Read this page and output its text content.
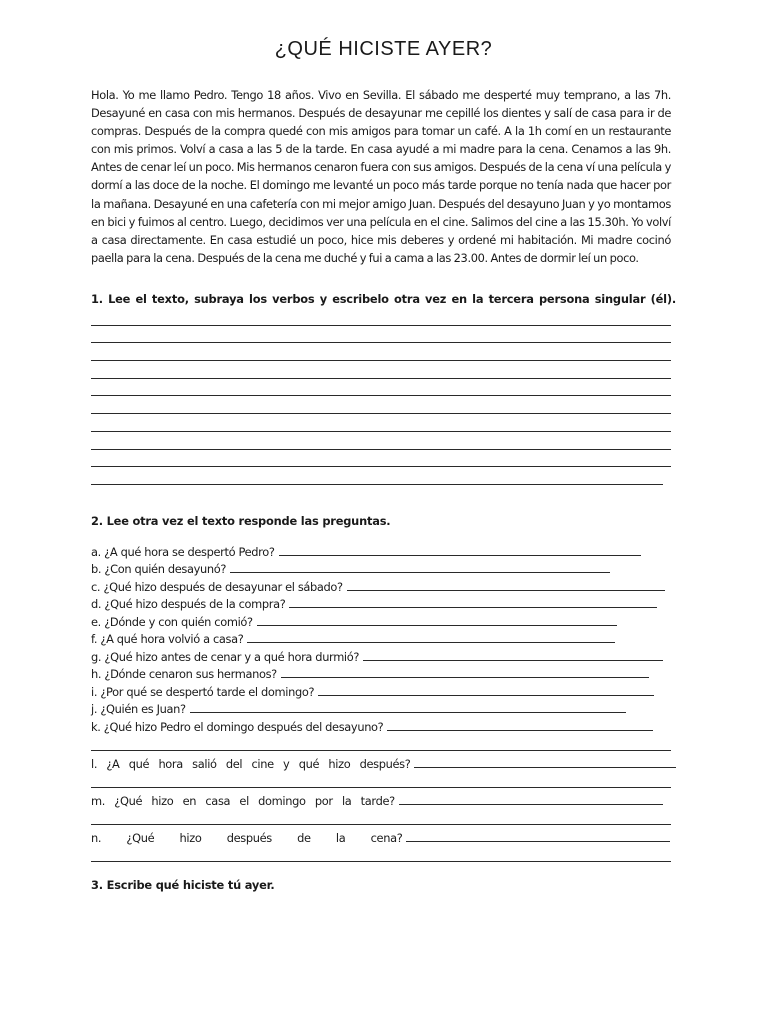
¿QUÉ HICISTE AYER?
Hola. Yo me llamo Pedro. Tengo 18 años. Vivo en Sevilla. El sábado me desperté muy temprano, a las 7h. Desayuné en casa con mis hermanos. Después de desayunar me cepillé los dientes y salí de casa para ir de compras. Después de la compra quedé con mis amigos para tomar un café. A la 1h comí en un restaurante con mis primos. Volví a casa a las 5 de la tarde. En casa ayudé a mi madre para la cena. Cenamos a las 9h. Antes de cenar leí un poco. Mis hermanos cenaron fuera con sus amigos. Después de la cena ví una película y dormí a las doce de la noche. El domingo me levanté un poco más tarde porque no tenía nada que hacer por la mañana. Desayuné en una cafetería con mi mejor amigo Juan. Después del desayuno Juan y yo montamos en bici y fuimos al centro. Luego, decidimos ver una película en el cine. Salimos del cine a las 15.30h. Yo volví a casa directamente. En casa estudié un poco, hice mis deberes y ordené mi habitación. Mi madre cocinó paella para la cena. Después de la cena me duché y fui a cama a las 23.00. Antes de dormir leí un poco.
1. Lee el texto, subraya los verbos y escribelo otra vez en la tercera persona singular (él).
2. Lee otra vez el texto responde las preguntas.
a. ¿A qué hora se despertó Pedro?
b. ¿Con quién desayunó?
c. ¿Qué hizo después de desayunar el sábado?
d. ¿Qué hizo después de la compra?
e. ¿Dónde y con quién comió?
f. ¿A qué hora volvió a casa?
g. ¿Qué hizo antes de cenar y a qué hora durmió?
h. ¿Dónde cenaron sus hermanos?
i. ¿Por qué se despertó tarde el domingo?
j. ¿Quién es Juan?
k. ¿Qué hizo Pedro el domingo después del desayuno?
l. ¿A qué hora salió del cine y qué hizo después?
m. ¿Qué hizo en casa el domingo por la tarde?
n. ¿Qué hizo después de la cena?
3. Escribe qué hiciste tú ayer.
